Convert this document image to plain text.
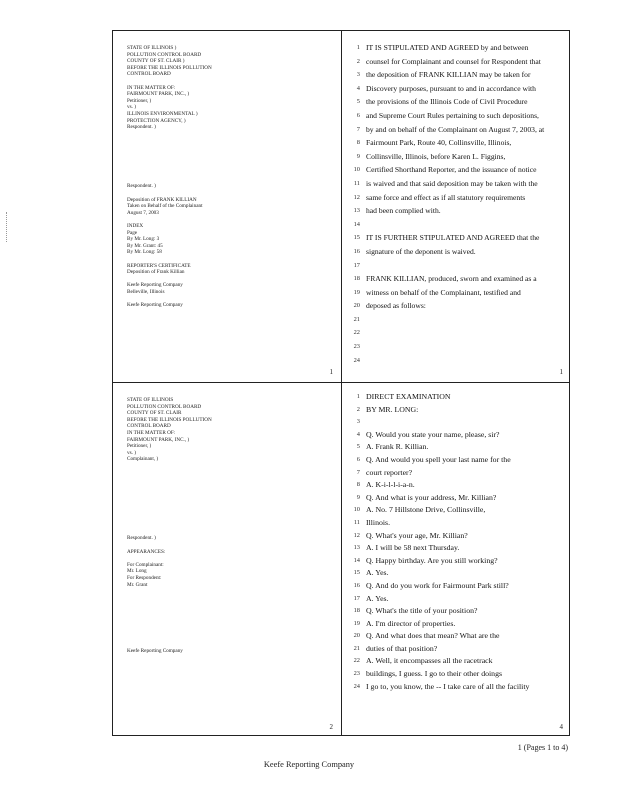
STATE OF ILLINOIS )
POLLUTION CONTROL BOARD
COUNTY OF ST. CLAIR )
BEFORE THE ILLINOIS POLLUTION
CONTROL BOARD
IN THE MATTER OF:
FAIRMOUNT PARK, INC., )
Petitioner, )
vs. )
ILLINOIS ENVIRONMENTAL )
PROTECTION AGENCY, )
Respondent. )
Respondent. )
Deposition of FRANK KILLIAN
Taken on Behalf of the Complainant
August 7, 2003
INDEX
Page
By Mr. Long: 3
By Mr. Grant: 45
By Mr. Long: 58
REPORTER'S CERTIFICATE
Deposition of Frank Killian
Keefe Reporting Company
Belleville, Illinois
Keefe Reporting Company
1
1 IT IS STIPULATED AND AGREED by and between
2 counsel for Complainant and counsel for Respondent that
3 the deposition of FRANK KILLIAN may be taken for
4 Discovery purposes, pursuant to and in accordance with
5 the provisions of the Illinois Code of Civil Procedure
6 and Supreme Court Rules pertaining to such depositions,
7 by and on behalf of the Complainant on August 7, 2003, at
8 Fairmount Park, Route 40, Collinsville, Illinois,
9 Collinsville, Illinois, before Karen L. Figgins,
10 Certified Shorthand Reporter, and the issuance of notice
11 is waived and that said deposition may be taken with the
12 same force and effect as if all statutory requirements
13 had been complied with.
14
15 IT IS FURTHER STIPULATED AND AGREED that the
16 signature of the deponent is waived.
17
18 FRANK KILLIAN, produced, sworn and examined as a
19 witness on behalf of the Complainant, testified and
20 deposed as follows:
21
22
23
24
1
STATE OF ILLINOIS
POLLUTION CONTROL BOARD
COUNTY OF ST. CLAIR
BEFORE THE ILLINOIS POLLUTION
CONTROL BOARD
IN THE MATTER OF:
FAIRMOUNT PARK, INC., )
Petitioner, )
vs. )
Complainant, )
Respondent. )
APPEARANCES:
For Complainant:
Mr. Long
For Respondent:
Mr. Grant
Keefe Reporting Company
2
1 DIRECT EXAMINATION
2 BY MR. LONG:
3
4 Q. Would you state your name, please, sir?
5 A. Frank R. Killian.
6 Q. And would you spell your last name for the
7 court reporter?
8 A. K-i-l-l-i-a-n.
9 Q. And what is your address, Mr. Killian?
10 A. No. 7 Hillstone Drive, Collinsville,
11 Illinois.
12 Q. What's your age, Mr. Killian?
13 A. I will be 58 next Thursday.
14 Q. Happy birthday. Are you still working?
15 A. Yes.
16 Q. And do you work for Fairmount Park still?
17 A. Yes.
18 Q. What's the title of your position?
19 A. I'm director of properties.
20 Q. And what does that mean? What are the
21 duties of that position?
22 A. Well, it encompasses all the racetrack
23 buildings, I guess. I go to their other doings
24 I go to, you know, the -- I take care of all the facility
4
1 (Pages 1 to 4)
Keefe Reporting Company
